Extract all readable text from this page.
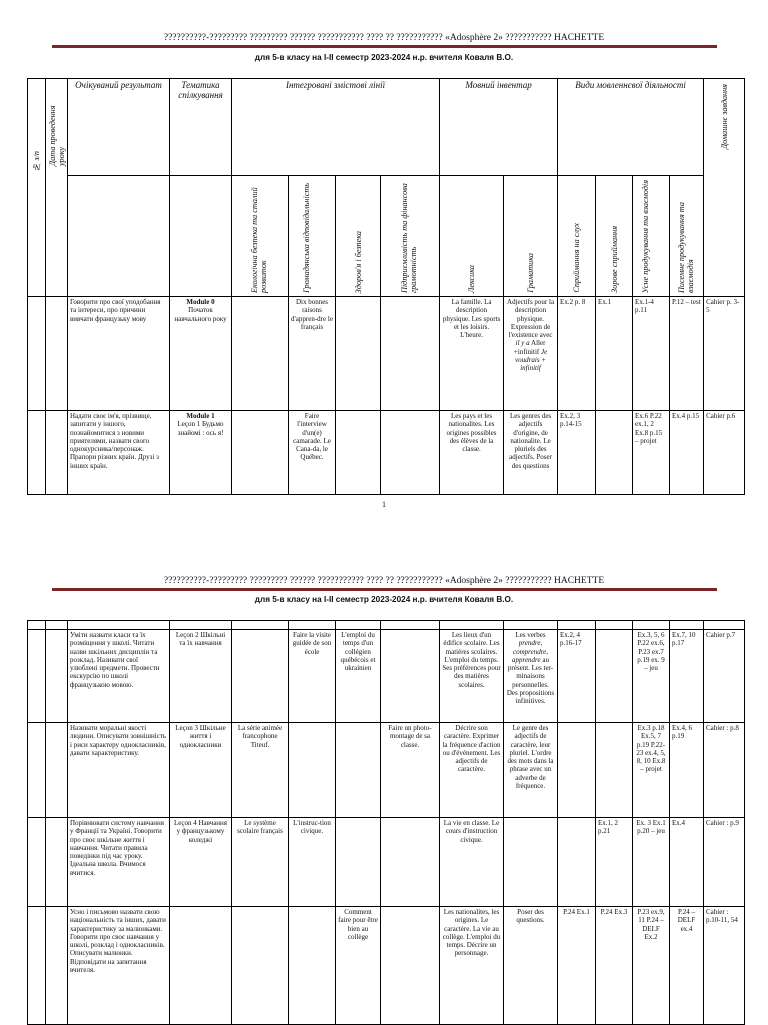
??????????-????????? ????????? ?????? ??????????? ???? ?? ??????????? «Adosphère 2» ??????????? HACHETTE
для 5-в класу на І-ІІ семестр 2023-2024 н.р. вчителя Коваля В.О.
№ з/п	Дата проведення уроку	Очікуваний результат	Тематика спілкування	Інтегровані змістові лінії				Мовний інвентар		Види мовленнєвої діяльності				Домашнє завдання

				Екологічна безпека та сталий розвиток	Громадянська відповідальність	Здоров'я і безпека	Підприємливість та фінансова грамотність	Лексика	Граматика	Сприймання на слух	Зорове сприймання	Усне продукування та взаємодія	Писемне продукування та взаємодія	

		Говорити про свої уподобання та інтереси, про причини вивчати французьку мову	Module 0
Початок навчального року		Dix bonnes raisons d'appren-dre le français			La famille. La description physique. Les sports et les loisirs. L'heure.	Adjectifs pour la description physique. Expression de l'existence avec il y a Aller +infinitif Je voudrais + infinitif	Ex.2 p. 8	Ex.1	Ex.1-4 p.11	P.12 – test	Cahier p. 3-5
		Надати своє ім'я, прізвище, запитати у іншого, познайомитися з новими приятелями, назвати свого однокурсника/персонаж. Прапори різних країн. Друзі з інших країн.	Module 1
Leçon 1 Будьмо знайомі : ось я!		Faire l'interview d'un(e) camarade. Le Cana-da, le Québec.			Les pays et les nationalites. Les origines possibles des élèves de la classe.	Les genres des adjectifs d'origine, de nationalite. Le pluriels des adjectifs. Poser des questions	Ex.2, 3 p.14-15		Ex.6 P.22 ex.1, 2 Ex.8 p.15 – projet	Ex.4 p.15	Cahier p.6
1
??????????-????????? ????????? ?????? ??????????? ???? ?? ??????????? «Adosphère 2» ??????????? HACHETTE
для 5-в класу на І-ІІ семестр 2023-2024 н.р. вчителя Коваля В.О.

		Уміти назвати класи та їх розміщення у школі. Читати назви шкільних дисциплін та розклад. Називати свої улюблені предмети. Провести екскурсію по школі французькою мовою.	Leçon 2 Шкільні та їх навчання		Faire la visite guidée de son école	L'emploi du temps d'un collégien québécois et ukrainien		Les lieux d'un édifice scolaire. Les matières scolaires. L'emploi du temps. Ses préférences pour des matières scolaires.	Les verbes prendre, comprendre, apprendre au présent. Les ter-minaisons personnelles. Des propositions infinitives.	Ex.2, 4 p.16-17		Ex.3, 5, 6 P.22 ex.6, P.23 ex.7 p.19 ex. 9 – jeu	Ex.7, 10 p.17	Cahier p.7
		Називати моральні якості людини. Описувати зовнішність і риси характеру однокласників, давати характеристику.	Leçon 3 Шкільне життя і однокласники	La série animée francophone Titeuf.			Faire un photo-montage de sa classe.	Décrire son caractère. Exprimer la fréquence d'action ou d'événement. Les adjectifs de caractère.	Le genre des adjectifs de caractère, leur pluriel. L'ordre des mots dans la phrase avec un adverbe de fréquence.			Ex.3 p.18 Ex.5, 7 p.19 P.22-23 ex.4, 5, 8, 10 Ex.8 – projet	Ex.4, 6 p.19	Cahier : p.8
		Порівнювати систему навчання у Франції та Україні. Говорити про своє шкільне життя і навчання. Читати правила поведінки під час уроку. Ідеальна школа. Вчимося вчитися.	Leçon 4 Навчання у французькому коледжі	Le système scolaire français	L'instruc-tion civique.			La vie en classe. Le cours d'instruction civique.			Ex.1, 2 p.21	Ex. 3 Ex.1 p.20 – jeu	Ex.4	Cahier : p.9
		Усно і письмово назвати свою національність та інших, давати характеристику за малюнками. Говорити про своє навчання у школі, розклад і однокласників. Описувати малюнки. Відповідати на запитання вчителя.				Comment faire pour être bien au collège		Les nationalites, les origines. Le caractère. La vie au collège. L'emploi du temps. Décrire un personnage.	Poser des questions.	P.24 Ex.1	P.24 Ex.3	P.23 ex.9, 11 P.24 – DELF Ex.2	P.24 – DELF ex.4	Cahier : p.10-11, 54
